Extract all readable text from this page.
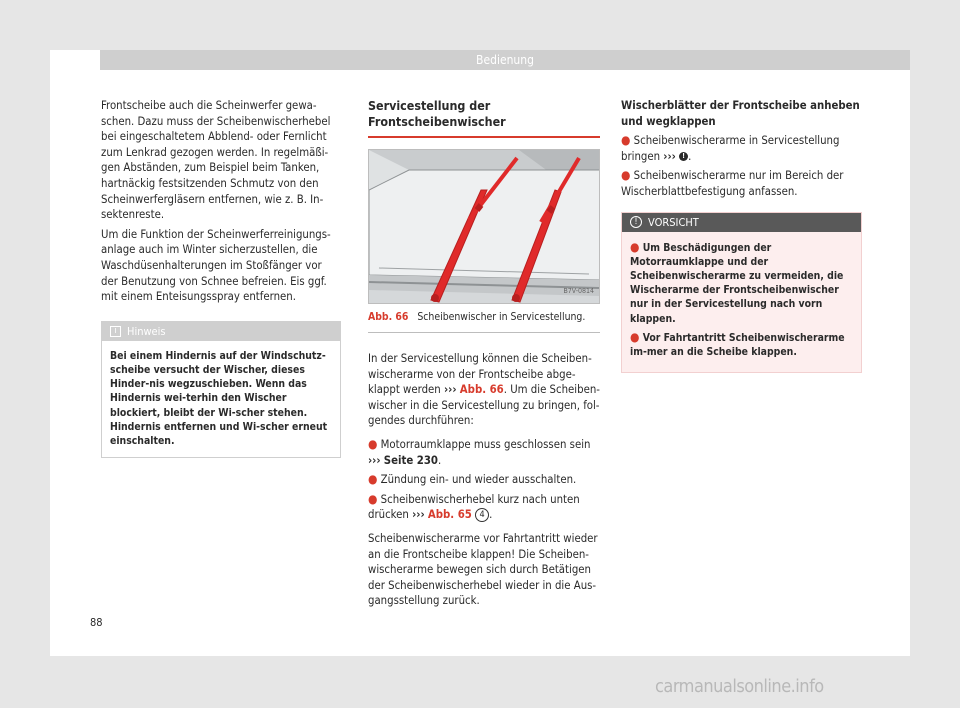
Bedienung

Frontscheibe auch die Scheinwerfer gewa-schen. Dazu muss der Scheibenwischerhebel bei eingeschaltetem Abblend- oder Fernlicht zum Lenkrad gezogen werden. In regelmäßi-gen Abständen, zum Beispiel beim Tanken, hartnäckig festsitzenden Schmutz von den Scheinwerfergläsern entfernen, wie z. B. In-sektenreste.

Um die Funktion der Scheinwerferreinigungs-anlage auch im Winter sicherzustellen, die Waschdüsenhalterungen im Stoßfänger vor der Benutzung von Schnee befreien. Eis ggf. mit einem Enteisungsspray entfernen.

i Hinweis
Bei einem Hindernis auf der Windschutz-scheibe versucht der Wischer, dieses Hinder-nis wegzuschieben. Wenn das Hindernis wei-terhin den Wischer blockiert, bleibt der Wi-scher stehen. Hindernis entfernen und Wi-scher erneut einschalten.
Servicestellung der Frontscheibenwischer
B7V-0814
Abb. 66 Scheibenwischer in Servicestellung.

In der Servicestellung können die Scheiben-wischerarme von der Frontscheibe abge-klappt werden ››› Abb. 66. Um die Scheiben-wischer in die Servicestellung zu bringen, fol-gendes durchführen:

● Motorraumklappe muss geschlossen sein
››› Seite 230.

● Zündung ein- und wieder ausschalten.

● Scheibenwischerhebel kurz nach unten drücken ››› Abb. 65 4 .

Scheibenwischerarme vor Fahrtantritt wieder an die Frontscheibe klappen! Die Scheiben-wischerarme bewegen sich durch Betätigen der Scheibenwischerhebel wieder in die Aus-gangsstellung zurück.

Wischerblätter der Frontscheibe anheben und wegklappen

● Scheibenwischerarme in Servicestellung bringen ››› ! .

● Scheibenwischerarme nur im Bereich der Wischerblattbefestigung anfassen.

! VORSICHT

● Um Beschädigungen der Motorraumklappe und der Scheibenwischerarme zu vermeiden, die Wischerarme der Frontscheibenwischer nur in der Servicestellung nach vorn klappen.

● Vor Fahrtantritt Scheibenwischerarme im-mer an die Scheibe klappen.

88
carmanualsonline.info
